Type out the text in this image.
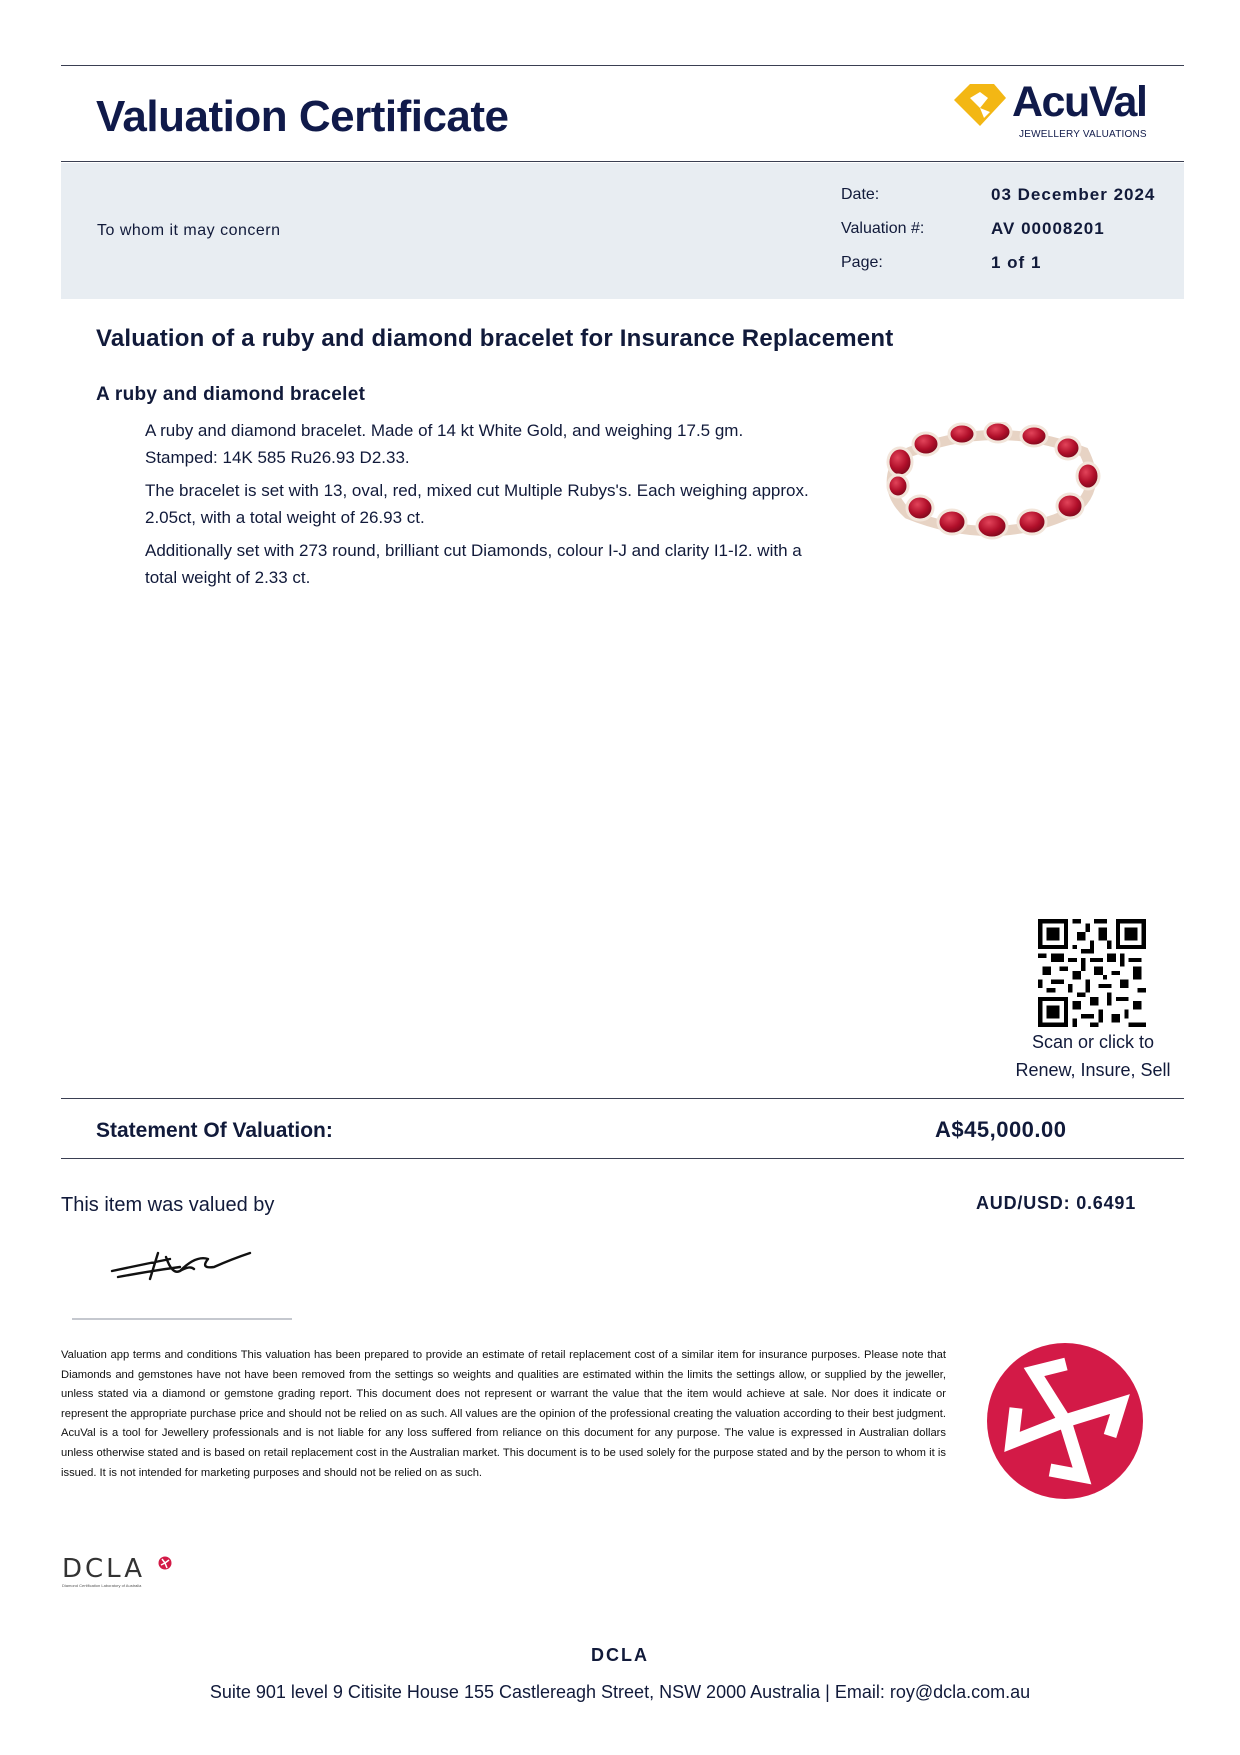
Valuation Certificate	AcuVal
JEWELLERY VALUATIONS
To whom it may concern
Date:	03 December 2024
Valuation #:	AV 00008201
Page:	1 of 1
Valuation of a ruby and diamond bracelet for Insurance Replacement
A ruby and diamond bracelet
A ruby and diamond bracelet. Made of 14 kt White Gold, and weighing 17.5 gm. Stamped: 14K 585 Ru26.93 D2.33.
The bracelet is set with 13, oval, red, mixed cut Multiple Rubys's. Each weighing approx. 2.05ct, with a total weight of 26.93 ct.
Additionally set with 273 round, brilliant cut Diamonds, colour I-J and clarity I1-I2. with a total weight of 2.33 ct.
Scan or click to
Renew, Insure, Sell
Statement Of Valuation:	A$45,000.00
This item was valued by	AUD/USD: 0.6491
Valuation app terms and conditions This valuation has been prepared to provide an estimate of retail replacement cost of a similar item for insurance purposes. Please note that Diamonds and gemstones have not have been removed from the settings so weights and qualities are estimated within the limits the settings allow, or supplied by the jeweller, unless stated via a diamond or gemstone grading report. This document does not represent or warrant the value that the item would achieve at sale. Nor does it indicate or represent the appropriate purchase price and should not be relied on as such. All values are the opinion of the professional creating the valuation according to their best judgment. AcuVal is a tool for Jewellery professionals and is not liable for any loss suffered from reliance on this document for any purpose. The value is expressed in Australian dollars unless otherwise stated and is based on retail replacement cost in the Australian market. This document is to be used solely for the purpose stated and by the person to whom it is issued. It is not intended for marketing purposes and should not be relied on as such.
DCLA
Diamond Certification Laboratory of Australia
DCLA
Suite 901 level 9 Citisite House 155 Castlereagh Street, NSW 2000 Australia | Email: roy@dcla.com.au
